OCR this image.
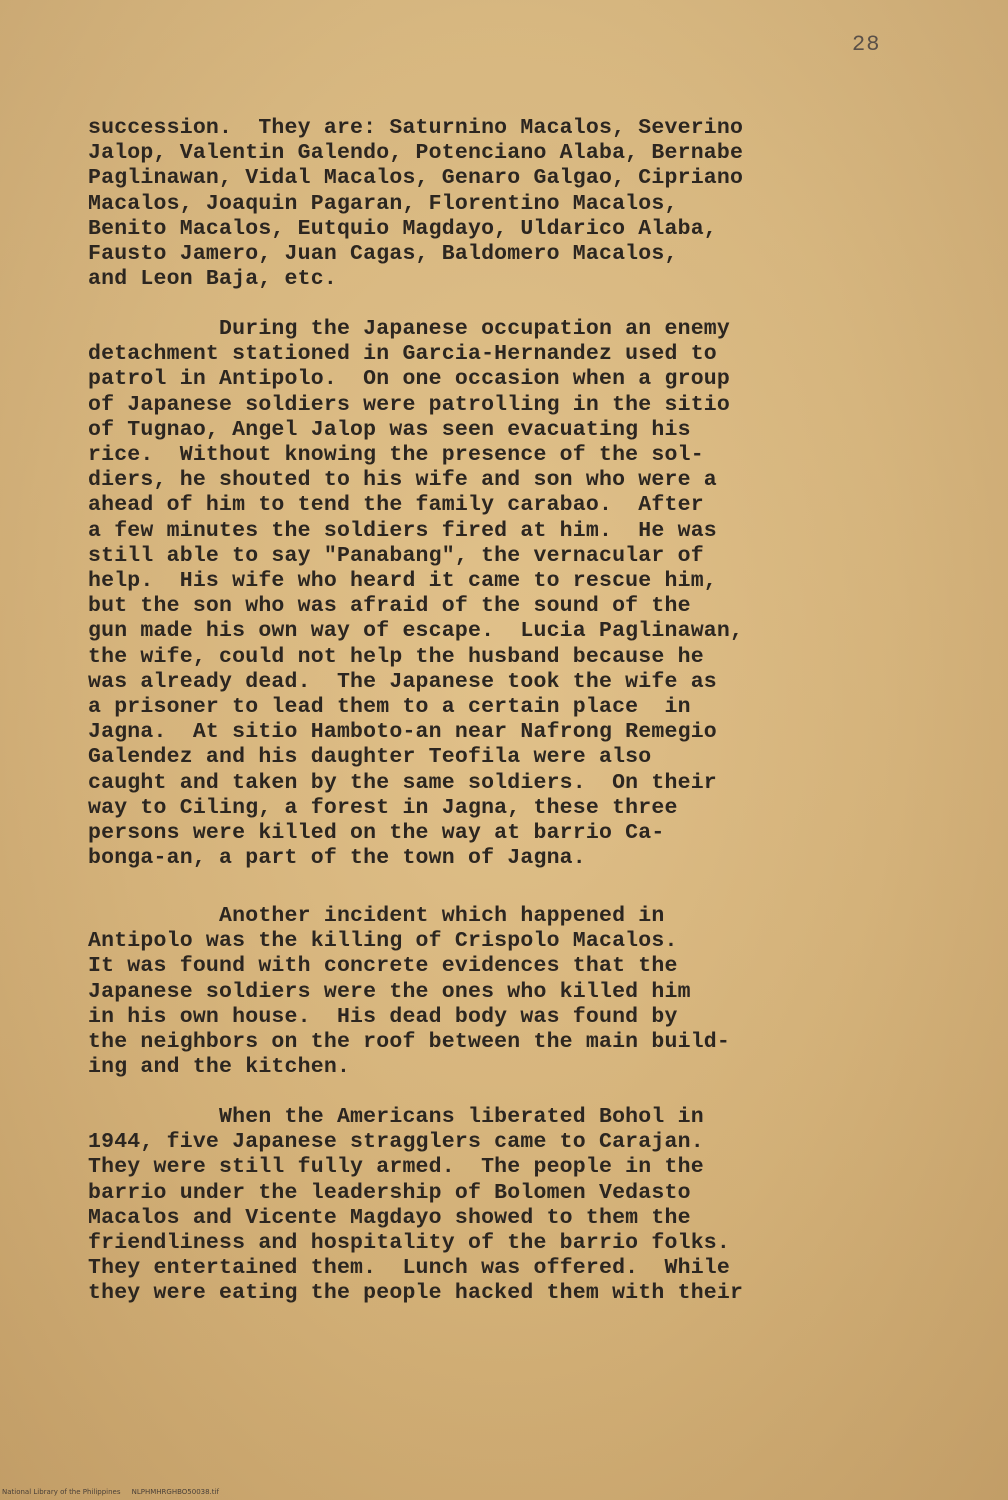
28
succession.  They are: Saturnino Macalos, Severino
Jalop, Valentin Galendo, Potenciano Alaba, Bernabe
Paglinawan, Vidal Macalos, Genaro Galgao, Cipriano
Macalos, Joaquin Pagaran, Florentino Macalos,
Benito Macalos, Eutquio Magdayo, Uldarico Alaba,
Fausto Jamero, Juan Cagas, Baldomero Macalos,
and Leon Baja, etc.
During the Japanese occupation an enemy
detachment stationed in Garcia-Hernandez used to
patrol in Antipolo.  On one occasion when a group
of Japanese soldiers were patrolling in the sitio
of Tugnao, Angel Jalop was seen evacuating his
rice.  Without knowing the presence of the sol-
diers, he shouted to his wife and son who were a
ahead of him to tend the family carabao.  After
a few minutes the soldiers fired at him.  He was
still able to say "Panabang", the vernacular of
help.  His wife who heard it came to rescue him,
but the son who was afraid of the sound of the
gun made his own way of escape.  Lucia Paglinawan,
the wife, could not help the husband because he
was already dead.  The Japanese took the wife as
a prisoner to lead them to a certain place  in
Jagna.  At sitio Hamboto-an near Nafrong Remegio
Galendez and his daughter Teofila were also
caught and taken by the same soldiers.  On their
way to Ciling, a forest in Jagna, these three
persons were killed on the way at barrio Ca-
bonga-an, a part of the town of Jagna.
Another incident which happened in
Antipolo was the killing of Crispolo Macalos.
It was found with concrete evidences that the
Japanese soldiers were the ones who killed him
in his own house.  His dead body was found by
the neighbors on the roof between the main build-
ing and the kitchen.
When the Americans liberated Bohol in
1944, five Japanese stragglers came to Carajan.
They were still fully armed.  The people in the
barrio under the leadership of Bolomen Vedasto
Macalos and Vicente Magdayo showed to them the
friendliness and hospitality of the barrio folks.
They entertained them.  Lunch was offered.  While
they were eating the people hacked them with their
National Library of the Philippines     NLPHMHRGHBO50038.tif
